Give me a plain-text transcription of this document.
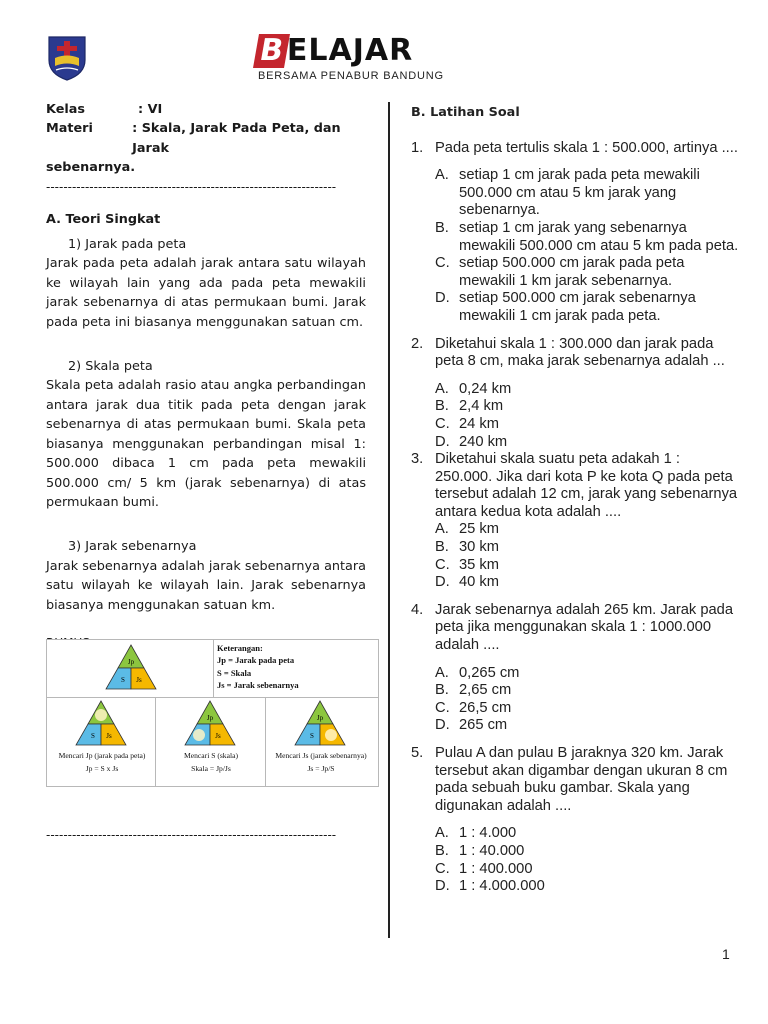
BELAJAR
BERSAMA PENABUR BANDUNG
Kelas	: VI
Materi	: Skala, Jarak Pada Peta, dan Jarak
sebenarnya.
-------------------------------------------------------------------
A. Teori Singkat
1) Jarak pada peta
Jarak pada peta adalah jarak antara satu wilayah ke wilayah lain yang ada pada peta mewakili jarak sebenarnya di atas permukaan bumi. Jarak pada peta ini biasanya menggunakan satuan cm.
2) Skala peta
Skala peta adalah rasio atau angka perbandingan antara jarak dua titik pada peta dengan jarak sebenarnya di atas permukaan bumi. Skala peta biasanya menggunakan perbandingan misal 1: 500.000 dibaca 1 cm pada peta mewakili 500.000 cm/ 5 km (jarak sebenarnya) di atas permukaan bumi.
3) Jarak sebenarnya
Jarak sebenarnya adalah jarak sebenarnya antara satu wilayah ke wilayah lain. Jarak sebenarnya biasanya menggunakan satuan km.
Jp
S Js
Keterangan:
Jp = Jarak pada peta
S = Skala
Js = Jarak sebenarnya
S Js
Jp
Js
Jp
S
Mencari Jp (jarak pada peta)
Jp = S x Js
Mencari S (skala)
Skala = Jp/Js
Mencari Js (jarak sebenarnya)
Js = Jp/S
-------------------------------------------------------------------
B. Latihan Soal
1. Pada peta tertulis skala 1 : 500.000, artinya ....
A. setiap 1 cm jarak pada peta mewakili 500.000 cm atau 5 km jarak yang sebenarnya.
B. setiap 1 cm jarak yang sebenarnya mewakili 500.000 cm atau 5 km pada peta.
C. setiap 500.000 cm jarak pada peta mewakili 1 km jarak sebenarnya.
D. setiap 500.000 cm jarak sebenarnya mewakili 1 cm jarak pada peta.
2. Diketahui skala 1 : 300.000 dan jarak pada peta 8 cm, maka jarak sebenarnya adalah ...
A. 0,24 km
B. 2,4 km
C. 24 km
D. 240 km
3. Diketahui skala suatu peta adakah 1 : 250.000. Jika dari kota P ke kota Q pada peta tersebut adalah 12 cm, jarak yang sebenarnya antara kedua kota adalah ....
A. 25 km
B. 30 km
C. 35 km
D. 40 km
4. Jarak sebenarnya adalah 265 km. Jarak pada peta jika menggunakan skala 1 : 1000.000 adalah ....
A. 0,265 cm
B. 2,65 cm
C. 26,5 cm
D. 265 cm
5. Pulau A dan pulau B jaraknya 320 km. Jarak tersebut akan digambar dengan ukuran 8 cm pada sebuah buku gambar. Skala yang digunakan adalah ....
A. 1 : 4.000
B. 1 : 40.000
C. 1 : 400.000
D. 1 : 4.000.000
1
